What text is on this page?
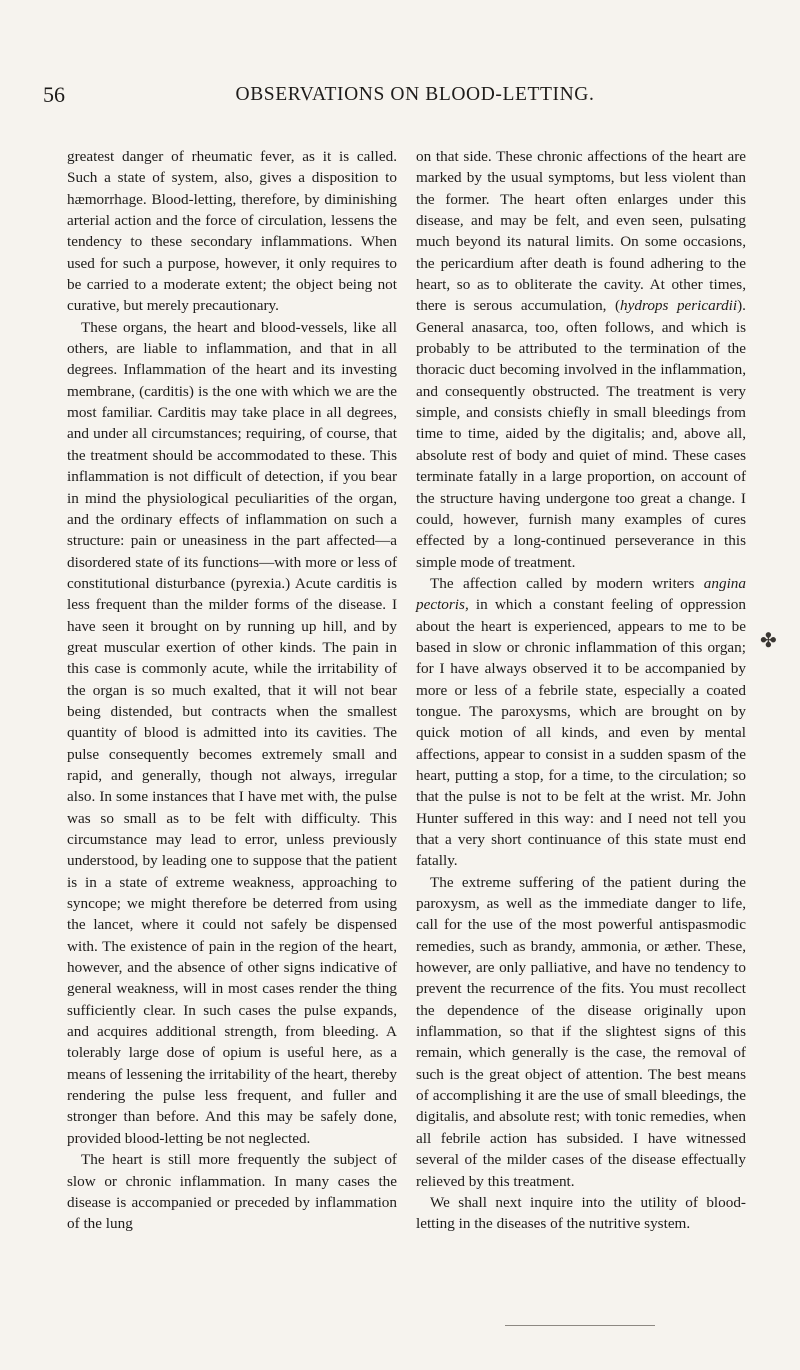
56	OBSERVATIONS ON BLOOD-LETTING.

greatest danger of rheumatic fever, as it is called. Such a state of system, also, gives a disposition to hæmorrhage. Blood-letting, therefore, by diminishing arterial action and the force of circulation, lessens the tendency to these secondary inflammations. When used for such a purpose, however, it only requires to be carried to a moderate extent; the object being not curative, but merely precautionary.

These organs, the heart and blood-vessels, like all others, are liable to inflammation, and that in all degrees. Inflammation of the heart and its investing membrane, (carditis) is the one with which we are the most familiar. Carditis may take place in all degrees, and under all circumstances; requiring, of course, that the treatment should be accommodated to these. This inflammation is not difficult of detection, if you bear in mind the physiological peculiarities of the organ, and the ordinary effects of inflammation on such a structure: pain or uneasiness in the part affected—a disordered state of its functions—with more or less of constitutional disturbance (pyrexia.) Acute carditis is less frequent than the milder forms of the disease. I have seen it brought on by running up hill, and by great muscular exertion of other kinds. The pain in this case is commonly acute, while the irritability of the organ is so much exalted, that it will not bear being distended, but contracts when the smallest quantity of blood is admitted into its cavities. The pulse consequently becomes extremely small and rapid, and generally, though not always, irregular also. In some instances that I have met with, the pulse was so small as to be felt with difficulty. This circumstance may lead to error, unless previously understood, by leading one to suppose that the patient is in a state of extreme weakness, approaching to syncope; we might therefore be deterred from using the lancet, where it could not safely be dispensed with. The existence of pain in the region of the heart, however, and the absence of other signs indicative of general weakness, will in most cases render the thing sufficiently clear. In such cases the pulse expands, and acquires additional strength, from bleeding. A tolerably large dose of opium is useful here, as a means of lessening the irritability of the heart, thereby rendering the pulse less frequent, and fuller and stronger than before. And this may be safely done, provided blood-letting be not neglected.

The heart is still more frequently the subject of slow or chronic inflammation. In many cases the disease is accompanied or preceded by inflammation of the lung

on that side. These chronic affections of the heart are marked by the usual symptoms, but less violent than the former. The heart often enlarges under this disease, and may be felt, and even seen, pulsating much beyond its natural limits. On some occasions, the pericardium after death is found adhering to the heart, so as to obliterate the cavity. At other times, there is serous accumulation, (hydrops pericardii). General anasarca, too, often follows, and which is probably to be attributed to the termination of the thoracic duct becoming involved in the inflammation, and consequently obstructed. The treatment is very simple, and consists chiefly in small bleedings from time to time, aided by the digitalis; and, above all, absolute rest of body and quiet of mind. These cases terminate fatally in a large proportion, on account of the structure having undergone too great a change. I could, however, furnish many examples of cures effected by a long-continued perseverance in this simple mode of treatment.

The affection called by modern writers angina pectoris, in which a constant feeling of oppression about the heart is experienced, appears to me to be based in slow or chronic inflammation of this organ; for I have always observed it to be accompanied by more or less of a febrile state, especially a coated tongue. The paroxysms, which are brought on by quick motion of all kinds, and even by mental affections, appear to consist in a sudden spasm of the heart, putting a stop, for a time, to the circulation; so that the pulse is not to be felt at the wrist. Mr. John Hunter suffered in this way: and I need not tell you that a very short continuance of this state must end fatally.

The extreme suffering of the patient during the paroxysm, as well as the immediate danger to life, call for the use of the most powerful antispasmodic remedies, such as brandy, ammonia, or æther. These, however, are only palliative, and have no tendency to prevent the recurrence of the fits. You must recollect the dependence of the disease originally upon inflammation, so that if the slightest signs of this remain, which generally is the case, the removal of such is the great object of attention. The best means of accomplishing it are the use of small bleedings, the digitalis, and absolute rest; with tonic remedies, when all febrile action has subsided. I have witnessed several of the milder cases of the disease effectually relieved by this treatment.

We shall next inquire into the utility of blood-letting in the diseases of the nutritive system.

✤
